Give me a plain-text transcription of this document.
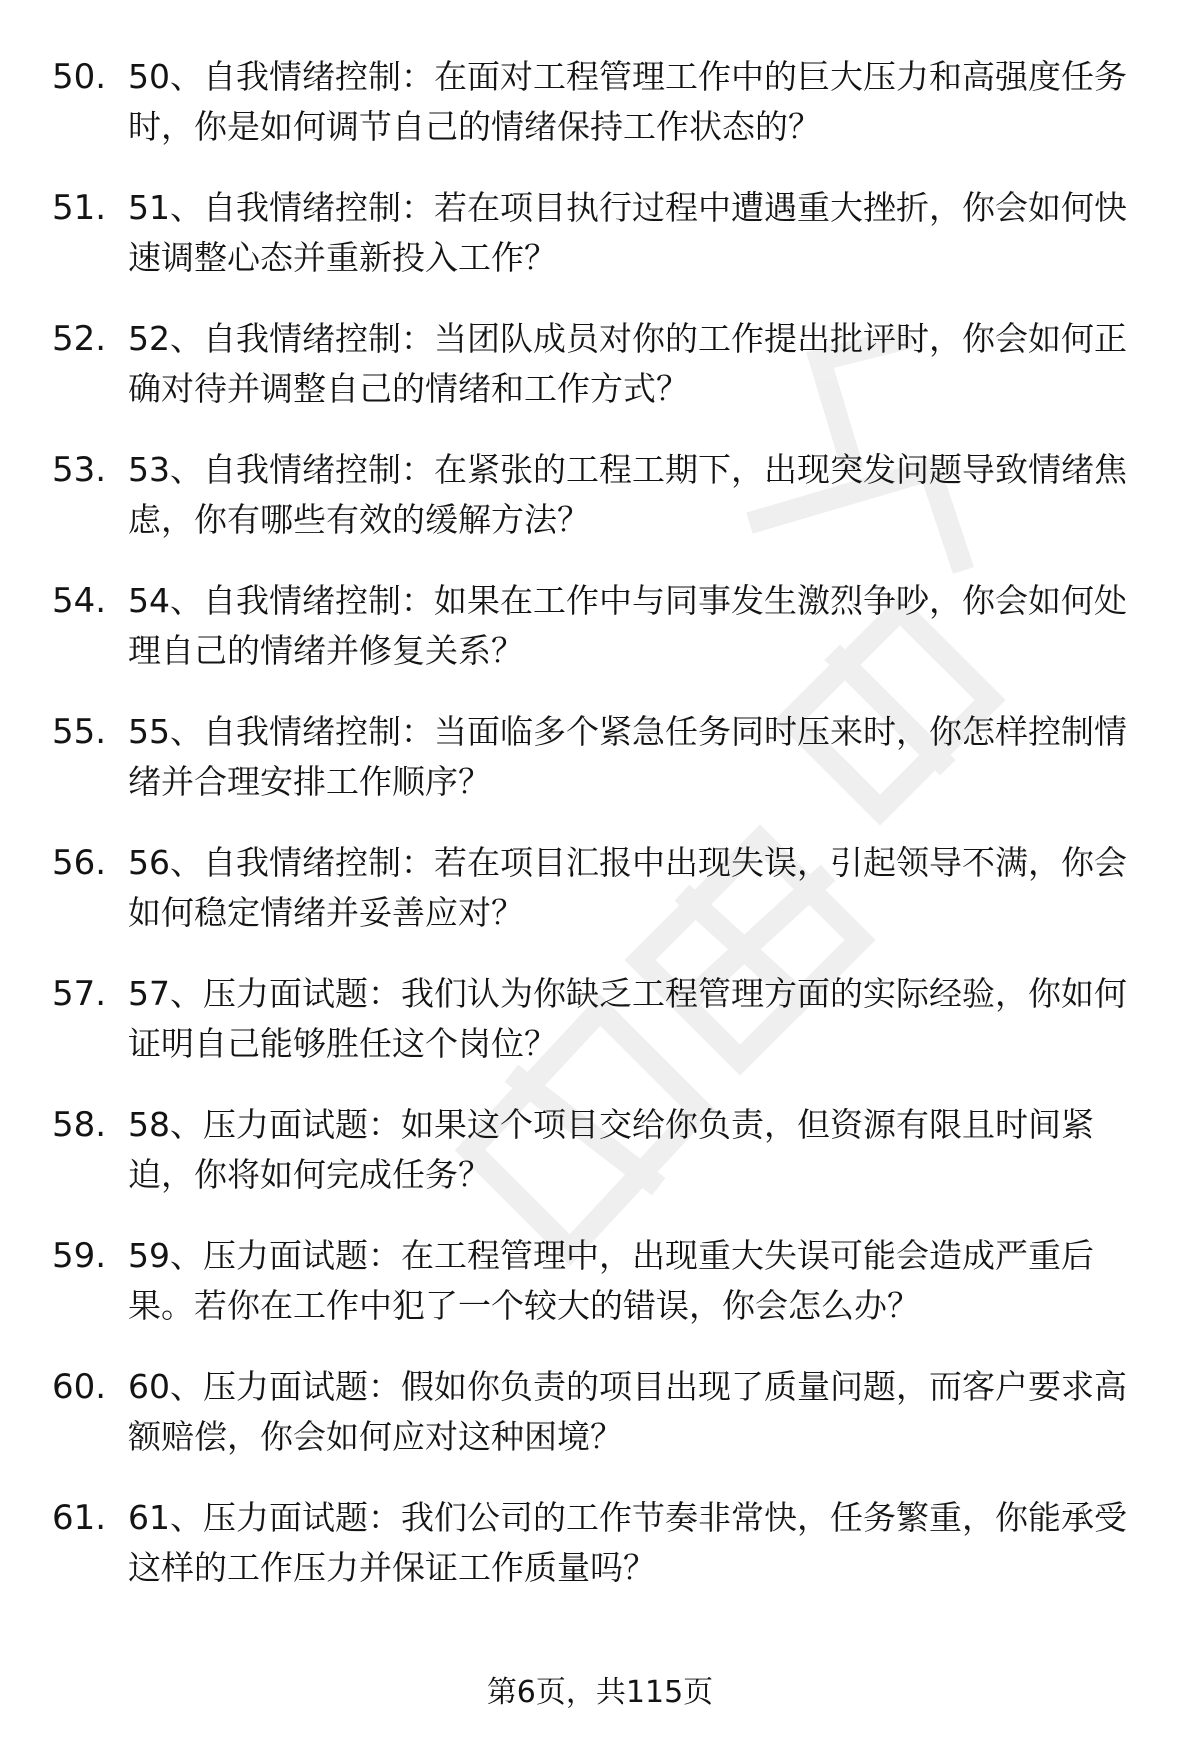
50. 50、自我情绪控制：在面对工程管理工作中的巨大压力和高强度任务时，你是如何调节自己的情绪保持工作状态的？
51. 51、自我情绪控制：若在项目执行过程中遭遇重大挫折，你会如何快速调整心态并重新投入工作？
52. 52、自我情绪控制：当团队成员对你的工作提出批评时，你会如何正确对待并调整自己的情绪和工作方式？
53. 53、自我情绪控制：在紧张的工程工期下，出现突发问题导致情绪焦虑，你有哪些有效的缓解方法？
54. 54、自我情绪控制：如果在工作中与同事发生激烈争吵，你会如何处理自己的情绪并修复关系？
55. 55、自我情绪控制：当面临多个紧急任务同时压来时，你怎样控制情绪并合理安排工作顺序？
56. 56、自我情绪控制：若在项目汇报中出现失误，引起领导不满，你会如何稳定情绪并妥善应对？
57. 57、压力面试题：我们认为你缺乏工程管理方面的实际经验，你如何证明自己能够胜任这个岗位？
58. 58、压力面试题：如果这个项目交给你负责，但资源有限且时间紧迫，你将如何完成任务？
59. 59、压力面试题：在工程管理中，出现重大失误可能会造成严重后果。若你在工作中犯了一个较大的错误，你会怎么办？
60. 60、压力面试题：假如你负责的项目出现了质量问题，而客户要求高额赔偿，你会如何应对这种困境？
61. 61、压力面试题：我们公司的工作节奏非常快，任务繁重，你能承受这样的工作压力并保证工作质量吗？
第6页，共115页
